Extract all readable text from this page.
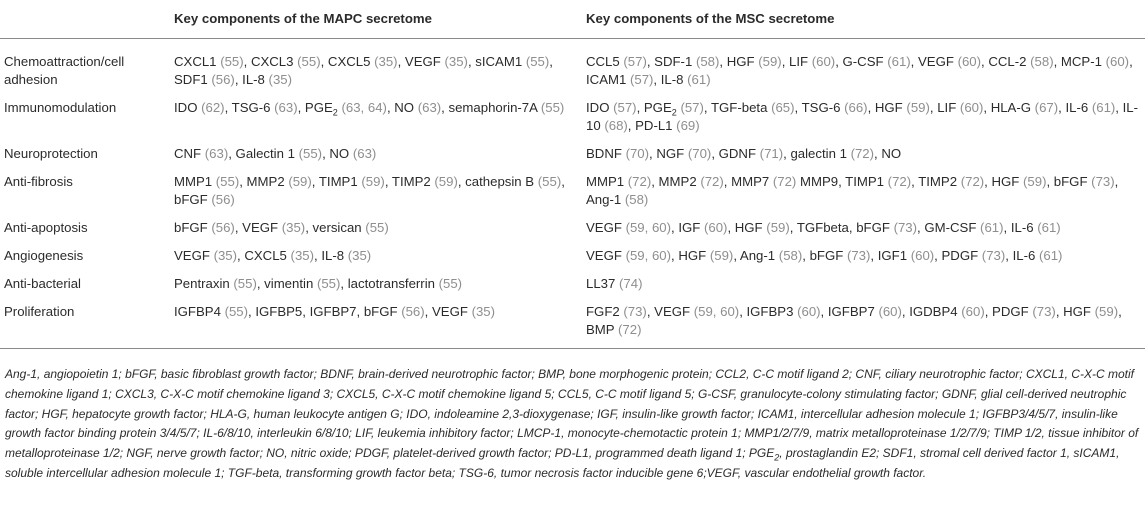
	Key components of the MAPC secretome	Key components of the MSC secretome
Chemoattraction/cell adhesion	CXCL1 (55), CXCL3 (55), CXCL5 (35), VEGF (35), sICAM1 (55), SDF1 (56), IL-8 (35)	CCL5 (57), SDF-1 (58), HGF (59), LIF (60), G-CSF (61), VEGF (60), CCL-2 (58), MCP-1 (60), ICAM1 (57), IL-8 (61)
Immunomodulation	IDO (62), TSG-6 (63), $PGE_2$ (63, 64), NO (63), semaphorin-7A (55)	IDO (57), $PGE_2$ (57), TGF-beta (65), TSG-6 (66), HGF (59), LIF (60), HLA-G (67), IL-6 (61), IL-10 (68), PD-L1 (69)
Neuroprotection	CNF (63), Galectin 1 (55), NO (63)	BDNF (70), NGF (70), GDNF (71), galectin 1 (72), NO
Anti-fibrosis	MMP1 (55), MMP2 (59), TIMP1 (59), TIMP2 (59), cathepsin B (55), bFGF (56)	MMP1 (72), MMP2 (72), MMP7 (72) MMP9, TIMP1 (72), TIMP2 (72), HGF (59), bFGF (73), Ang-1 (58)
Anti-apoptosis	bFGF (56), VEGF (35), versican (55)	VEGF (59, 60), IGF (60), HGF (59), TGFbeta, bFGF (73), GM-CSF (61), IL-6 (61)
Angiogenesis	VEGF (35), CXCL5 (35), IL-8 (35)	VEGF (59, 60), HGF (59), Ang-1 (58), bFGF (73), IGF1 (60), PDGF (73), IL-6 (61)
Anti-bacterial	Pentraxin (55), vimentin (55), lactotransferrin (55)	LL37 (74)
Proliferation	IGFBP4 (55), IGFBP5, IGFBP7, bFGF (56), VEGF (35)	FGF2 (73), VEGF (59, 60), IGFBP3 (60), IGFBP7 (60), IGDBP4 (60), PDGF (73), HGF (59), BMP (72)
Ang-1, angiopoietin 1; bFGF, basic fibroblast growth factor; BDNF, brain-derived neurotrophic factor; BMP, bone morphogenic protein; CCL2, C-C motif ligand 2; CNF, ciliary neurotrophic factor; CXCL1, C-X-C motif chemokine ligand 1; CXCL3, C-X-C motif chemokine ligand 3; CXCL5, C-X-C motif chemokine ligand 5; CCL5, C-C motif ligand 5; G-CSF, granulocyte-colony stimulating factor; GDNF, glial cell-derived neutrophic factor; HGF, hepatocyte growth factor; HLA-G, human leukocyte antigen G; IDO, indoleamine 2,3-dioxygenase; IGF, insulin-like growth factor; ICAM1, intercellular adhesion molecule 1; IGFBP3/4/5/7, insulin-like growth factor binding protein 3/4/5/7; IL-6/8/10, interleukin 6/8/10; LIF, leukemia inhibitory factor; LMCP-1, monocyte-chemotactic protein 1; MMP1/2/7/9, matrix metalloproteinase 1/2/7/9; TIMP 1/2, tissue inhibitor of metalloproteinase 1/2; NGF, nerve growth factor; NO, nitric oxide; PDGF, platelet-derived growth factor; PD-L1, programmed death ligand 1; $PGE_2$, prostaglandin E2; SDF1, stromal cell derived factor 1, sICAM1, soluble intercellular adhesion molecule 1; TGF-beta, transforming growth factor beta; TSG-6, tumor necrosis factor inducible gene 6;VEGF, vascular endothelial growth factor.
